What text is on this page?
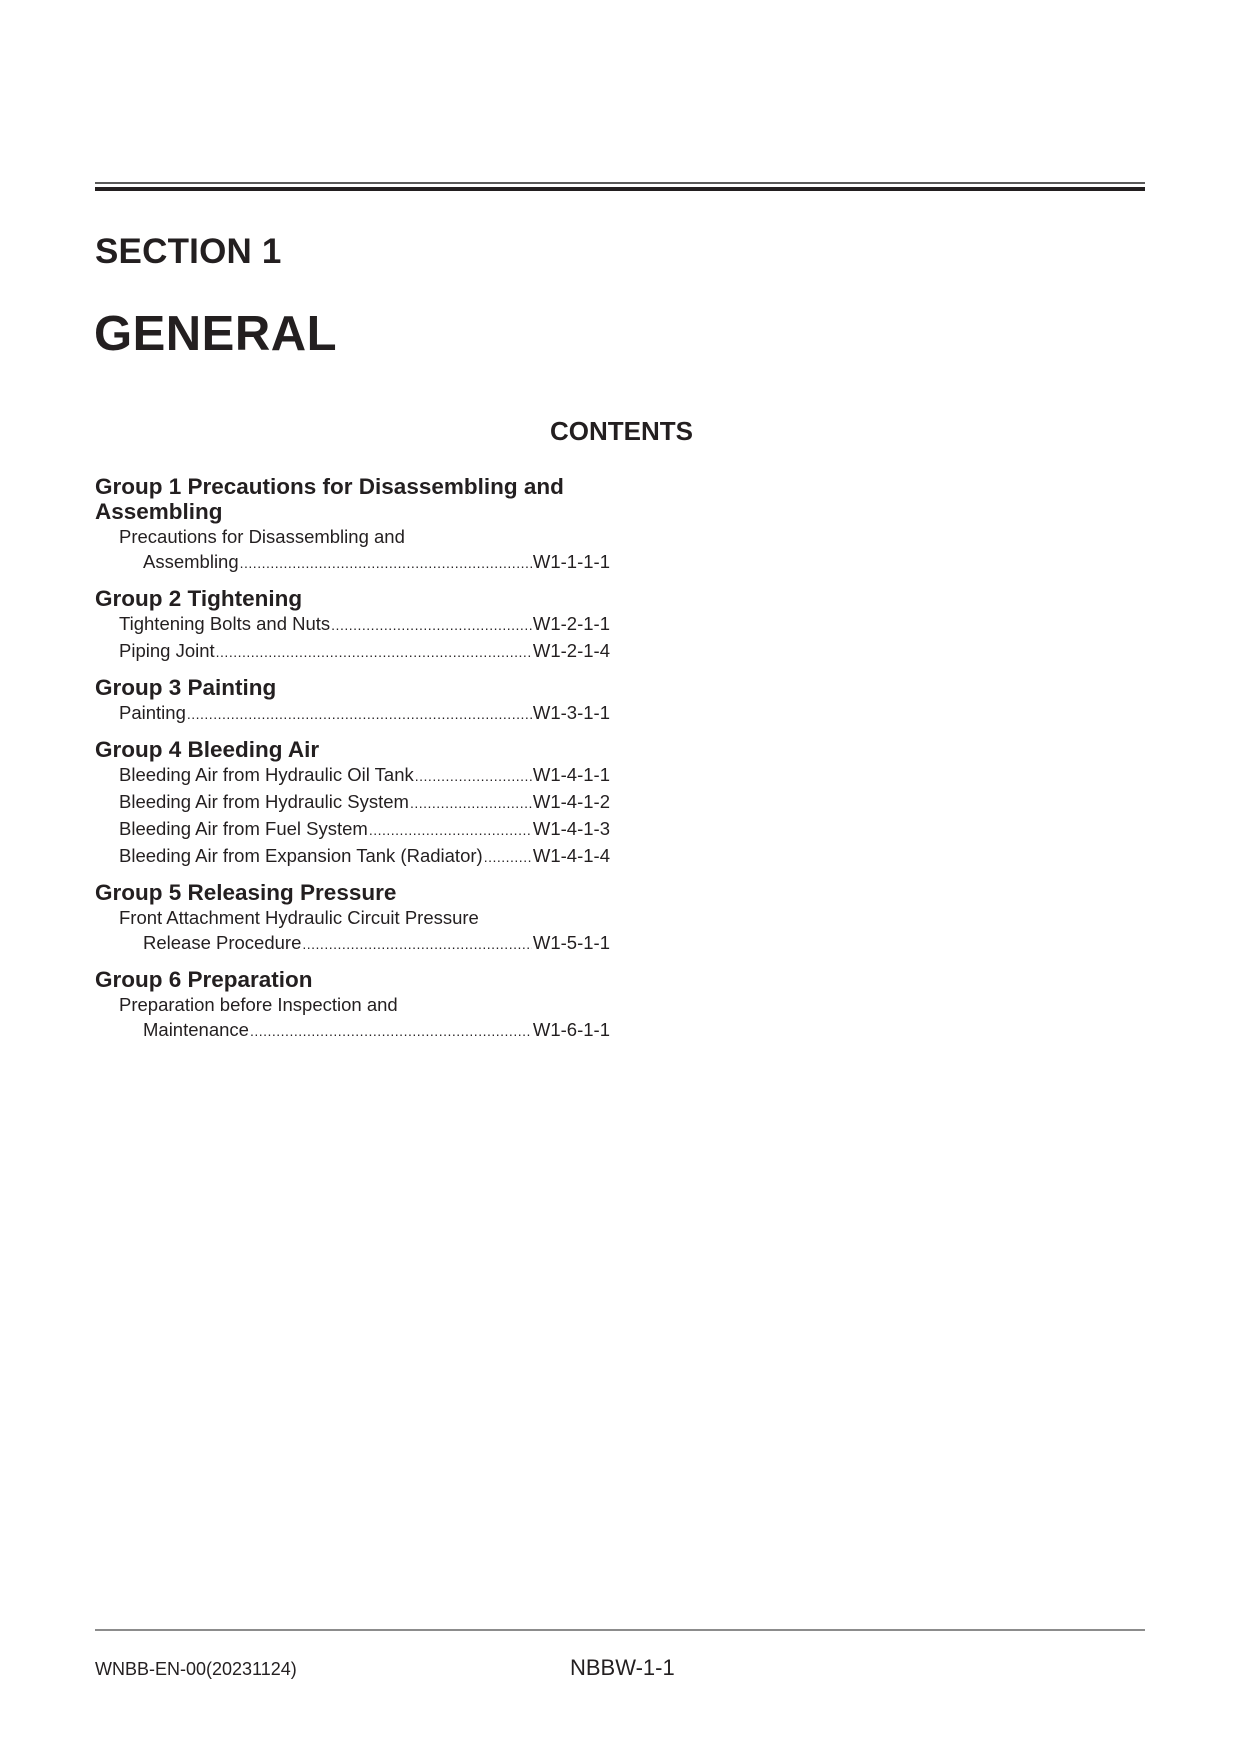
SECTION 1
GENERAL
CONTENTS
Group 1 Precautions for Disassembling and
Assembling
Precautions for Disassembling and
Assembling .....	W1-1-1-1
Group 2 Tightening
Tightening Bolts and Nuts .....	W1-2-1-1
Piping Joint .....	W1-2-1-4
Group 3 Painting
Painting .....	W1-3-1-1
Group 4 Bleeding Air
Bleeding Air from Hydraulic Oil Tank .....	W1-4-1-1
Bleeding Air from Hydraulic System .....	W1-4-1-2
Bleeding Air from Fuel System .....	W1-4-1-3
Bleeding Air from Expansion Tank (Radiator) .....	W1-4-1-4
Group 5 Releasing Pressure
Front Attachment Hydraulic Circuit Pressure
Release Procedure .....	W1-5-1-1
Group 6 Preparation
Preparation before Inspection and
Maintenance .....	W1-6-1-1
WNBB-EN-00(20231124)	NBBW-1-1
